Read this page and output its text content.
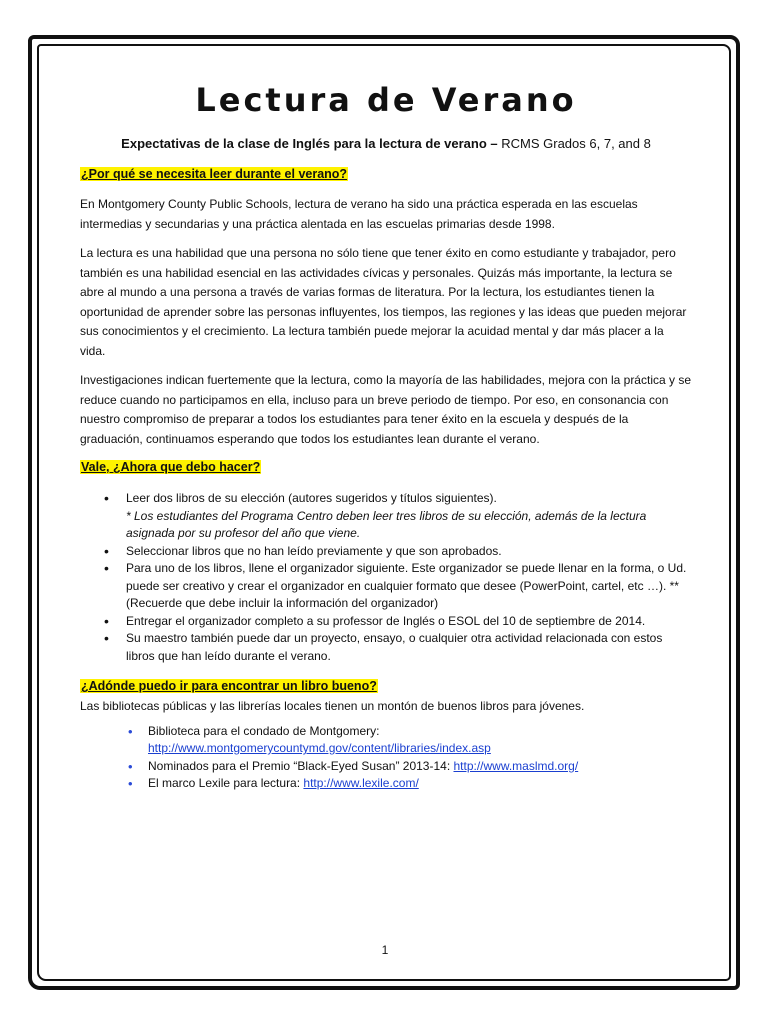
Lectura de Verano
Expectativas de la clase de Inglés para la lectura de verano – RCMS Grados 6, 7, and 8
¿Por qué se necesita leer durante el verano?

En Montgomery County Public Schools, lectura de verano ha sido una práctica esperada en las escuelas intermedias y secundarias y una práctica alentada en las escuelas primarias desde 1998.

La lectura es una habilidad que una persona no sólo tiene que tener éxito en como estudiante y trabajador, pero también es una habilidad esencial en las actividades cívicas y personales. Quizás más importante, la lectura se abre al mundo a una persona a través de varias formas de literatura. Por la lectura, los estudiantes tienen la oportunidad de aprender sobre las personas influyentes, los tiempos, las regiones y las ideas que pueden mejorar sus conocimientos y el crecimiento. La lectura también puede mejorar la acuidad mental y dar más placer a la vida.

Investigaciones indican fuertemente que la lectura, como la mayoría de las habilidades, mejora con la práctica y se reduce cuando no participamos en ella, incluso para un breve periodo de tiempo. Por eso, en consonancia con nuestro compromiso de preparar a todos los estudiantes para tener éxito en la escuela y después de la graduación, continuamos esperando que todos los estudiantes lean durante el verano.

Vale, ¿Ahora que debo hacer?
• Leer dos libros de su elección (autores sugeridos y títulos siguientes).
* Los estudiantes del Programa Centro deben leer tres libros de su elección, además de la lectura asignada por su profesor del año que viene.
• Seleccionar libros que no han leído previamente y que son aprobados.
• Para uno de los libros, llene el organizador siguiente. Este organizador se puede llenar en la forma, o Ud. puede ser creativo y crear el organizador en cualquier formato que desee (PowerPoint, cartel, etc …). ** (Recuerde que debe incluir la información del organizador)
• Entregar el organizador completo a su professor de Inglés o ESOL del 10 de septiembre de 2014.
• Su maestro también puede dar un proyecto, ensayo, o cualquier otra actividad relacionada con estos libros que han leído durante el verano.
¿Adónde puedo ir para encontrar un libro bueno?

Las bibliotecas públicas y las librerías locales tienen un montón de buenos libros para jóvenes.

• Biblioteca para el condado de Montgomery:
http://www.montgomerycountymd.gov/content/libraries/index.asp
• Nominados para el Premio “Black-Eyed Susan” 2013-14: http://www.maslmd.org/
• El marco Lexile para lectura: http://www.lexile.com/
1
